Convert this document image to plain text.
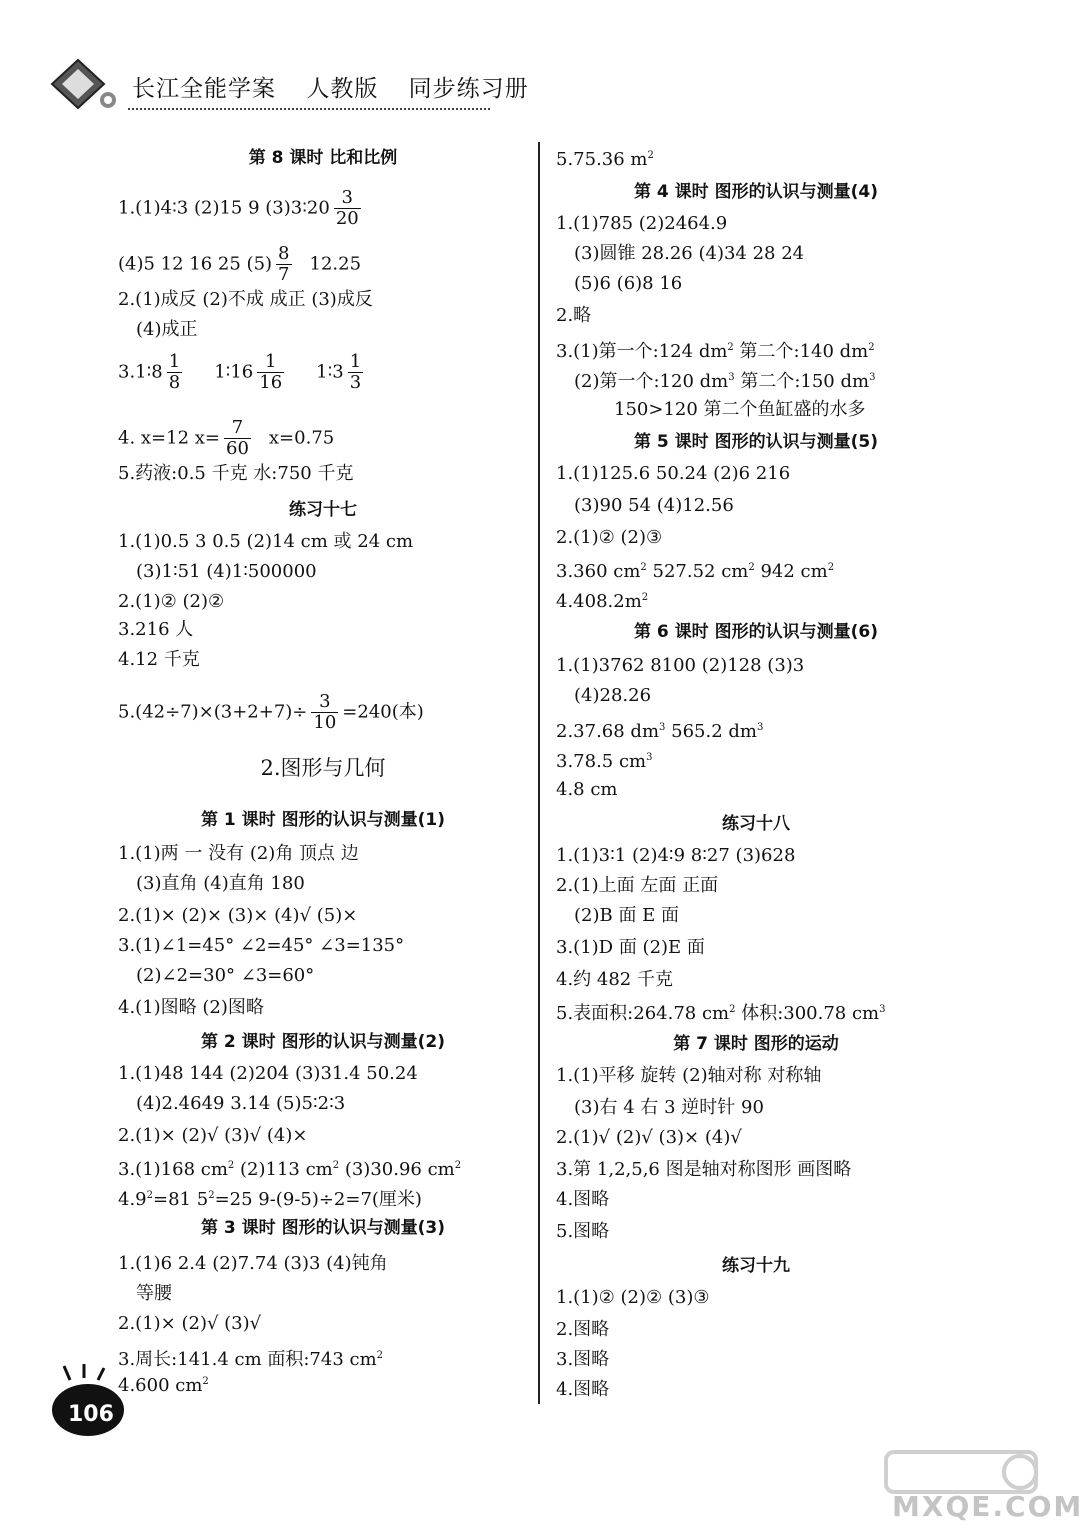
长江全能学案 人教版 同步练习册
第 8 课时 比和比例
1.(1)4∶3 (2)15 9 (3)3∶20 $\frac{3}{20}$
(4)5 12 16 25 $(5) \frac{8}{7} 12.25$
2.(1)成反 (2)不成 成正 (3)成反
(4)成正
3.1∶8 $\frac{1}{8}$ 1∶16 $\frac{1}{16}$ 1∶3 $\frac{1}{3}$
4. x=12 $x= \frac{7}{60} x=0.75$
5.药液:0.5 千克 水:750 千克
练习十七
1.(1)0.5 3 0.5 (2)14 cm 或 24 cm
(3)1∶51 (4)1∶500000
2.(1)② (2)②
3.216 人
4.12 千克
$5.(42\div 7)\times(3+2+7)\div \frac{3}{10} =240$(本)
2.图形与几何
第 1 课时 图形的认识与测量(1)
1.(1)两 一 没有 (2)角 顶点 边
(3)直角 (4)直角 180
2.(1)× (2)× (3)× (4)√ (5)×
3.(1)∠1=45° ∠2=45° ∠3=135°
(2)∠2=30° ∠3=60°
4.(1)图略 (2)图略
第 2 课时 图形的认识与测量(2)
1.(1)48 144 (2)204 (3)31.4 50.24
(4)2.4649 3.14 (5)5∶2∶3
2.(1)× (2)√ (3)√ (4)×
3.(1)168 $cm^2$ (2)113 $cm^2$ (3)30.96 $cm^2$
$4.9^2=81$ $5^2=25$ 9-(9-5)÷2=7(厘米)
第 3 课时 图形的认识与测量(3)
1.(1)6 2.4 (2)7.74 (3)3 (4)钝角
等腰
2.(1)× (2)√ (3)√
3.周长:141.4 cm 面积:743 $cm^2$
4.600 $cm^2$
5.75.36 $m^2$
第 4 课时 图形的认识与测量(4)
1.(1)785 (2)2464.9
(3)圆锥 28.26 (4)34 28 24
(5)6 (6)8 16
2.略
3.(1)第一个:124 $dm^2$ 第二个:140 $dm^2$
(2)第一个:120 $dm^3$ 第二个:150 $dm^3$
150>120 第二个鱼缸盛的水多
第 5 课时 图形的认识与测量(5)
1.(1)125.6 50.24 (2)6 216
(3)90 54 (4)12.56
2.(1)② (2)③
3.360 $cm^2$ 527.52 $cm^2$ 942 $cm^2$
$4.408.2m^2$
第 6 课时 图形的认识与测量(6)
1.(1)3762 8100 (2)128 (3)3
(4)28.26
2.37.68 $dm^3$ 565.2 $dm^3$
3.78.5 $cm^3$
4.8 cm
练习十八
1.(1)3∶1 (2)4∶9 8∶27 (3)628
2.(1)上面 左面 正面
(2)B 面 E 面
3.(1)D 面 (2)E 面
4.约 482 千克
5.表面积:264.78 $cm^2$ 体积:300.78 $cm^3$
第 7 课时 图形的运动
1.(1)平移 旋转 (2)轴对称 对称轴
(3)右 4 右 3 逆时针 90
2.(1)√ (2)√ (3)× (4)√
3.第 1,2,5,6 图是轴对称图形 画图略
4.图略
5.图略
练习十九
1.(1)② (2)② (3)③
2.图略
3.图略
4.图略
106
MXQE.COM
